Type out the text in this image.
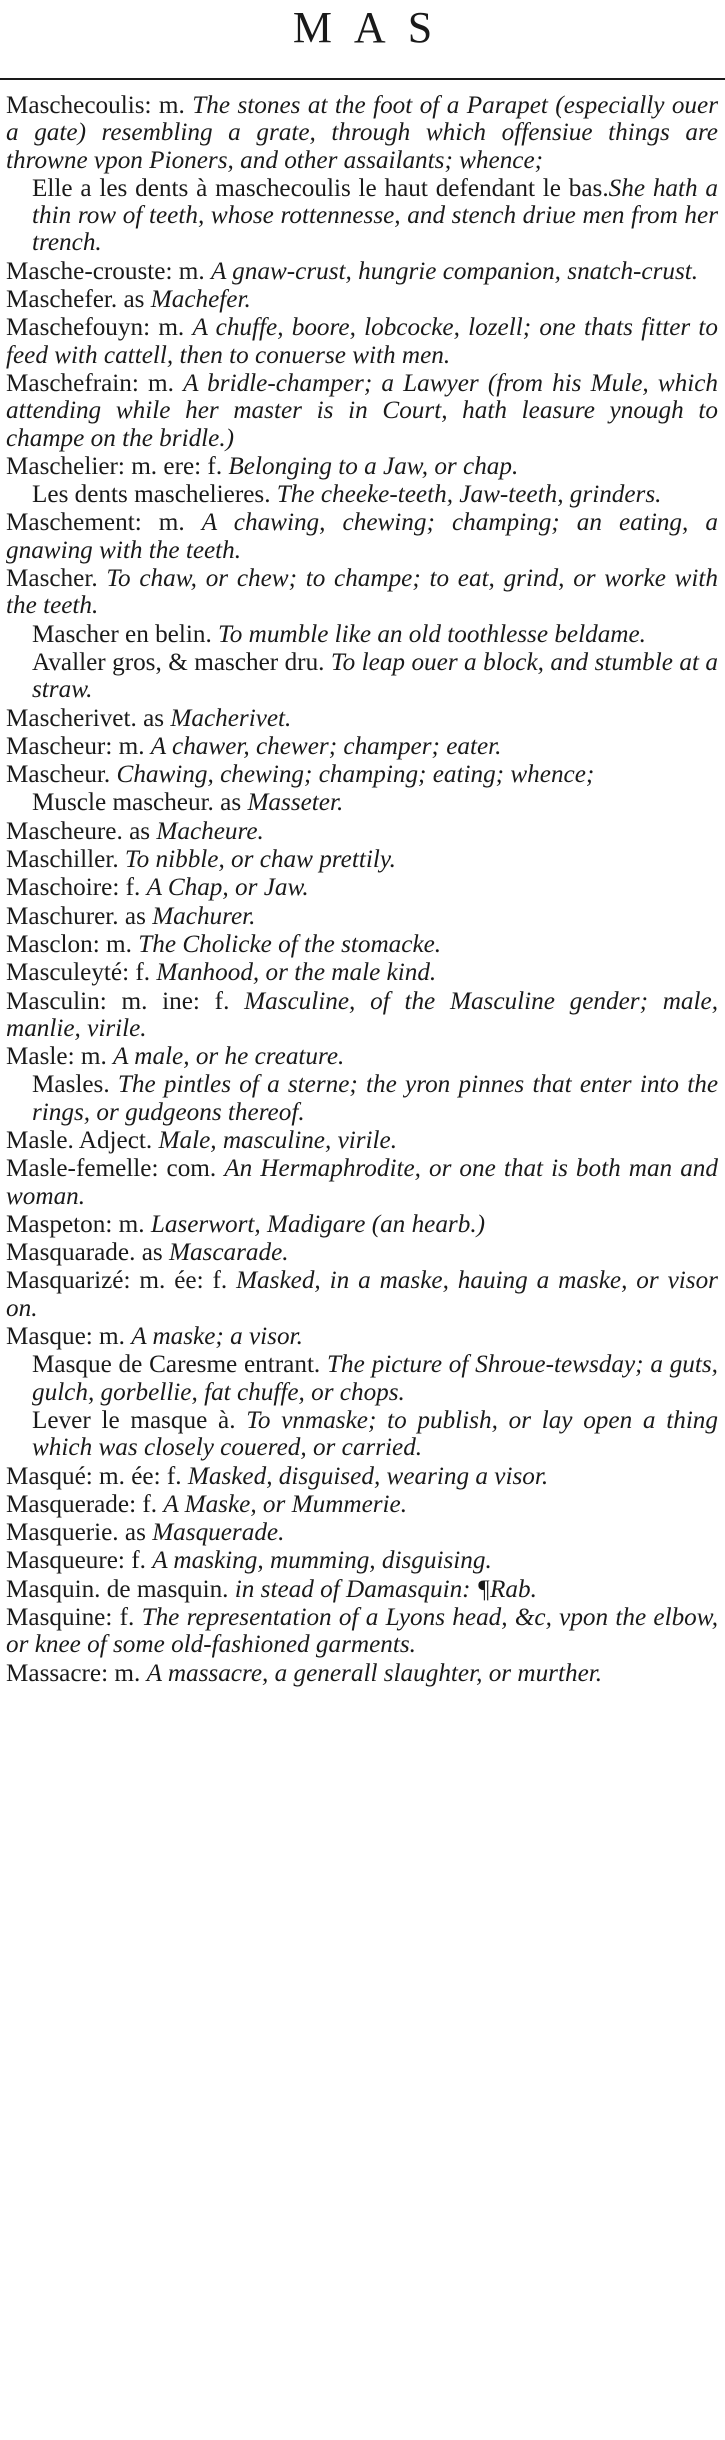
MAS
Maschecoulis: m. The stones at the foot of a Parapet (especially ouer a gate) resembling a grate, through which offensiue things are throwne vpon Pioners, and other assailants; whence;
Elle a les dents à maschecoulis le haut defendant le bas.She hath a thin row of teeth, whose rottennesse, and stench driue men from her trench.
Masche-crouste: m. A gnaw-crust, hungrie companion, snatch-crust.
Maschefer. as Machefer.
Maschefouyn: m. A chuffe, boore, lobcocke, lozell; one thats fitter to feed with cattell, then to conuerse with men.
Maschefrain: m. A bridle-champer; a Lawyer (from his Mule, which attending while her master is in Court, hath leasure ynough to champe on the bridle.)
Maschelier: m. ere: f. Belonging to a Jaw, or chap.
Les dents maschelieres. The cheeke-teeth, Jaw-teeth, grinders.
Maschement: m. A chawing, chewing; champing; an eating, a gnawing with the teeth.
Mascher. To chaw, or chew; to champe; to eat, grind, or worke with the teeth.
Mascher en belin. To mumble like an old toothlesse beldame.
Avaller gros, & mascher dru. To leap ouer a block, and stumble at a straw.
Mascherivet. as Macherivet.
Mascheur: m. A chawer, chewer; champer; eater.
Mascheur. Chawing, chewing; champing; eating; whence;
Muscle mascheur. as Masseter.
Mascheure. as Macheure.
Maschiller. To nibble, or chaw prettily.
Maschoire: f. A Chap, or Jaw.
Maschurer. as Machurer.
Masclon: m. The Cholicke of the stomacke.
Masculeyté: f. Manhood, or the male kind.
Masculin: m. ine: f. Masculine, of the Masculine gender; male, manlie, virile.
Masle: m. A male, or he creature.
Masles. The pintles of a sterne; the yron pinnes that enter into the rings, or gudgeons thereof.
Masle. Adject. Male, masculine, virile.
Masle-femelle: com. An Hermaphrodite, or one that is both man and woman.
Maspeton: m. Laserwort, Madigare (an hearb.)
Masquarade. as Mascarade.
Masquarizé: m. ée: f. Masked, in a maske, hauing a maske, or visor on.
Masque: m. A maske; a visor.
Masque de Caresme entrant. The picture of Shroue-tewsday; a guts, gulch, gorbellie, fat chuffe, or chops.
Lever le masque à. To vnmaske; to publish, or lay open a thing which was closely couered, or carried.
Masqué: m. ée: f. Masked, disguised, wearing a visor.
Masquerade: f. A Maske, or Mummerie.
Masquerie. as Masquerade.
Masqueure: f. A masking, mumming, disguising.
Masquin. de masquin. in stead of Damasquin: ¶Rab.
Masquine: f. The representation of a Lyons head, &c, vpon the elbow, or knee of some old-fashioned garments.
Massacre: m. A massacre, a generall slaughter, or murther.
